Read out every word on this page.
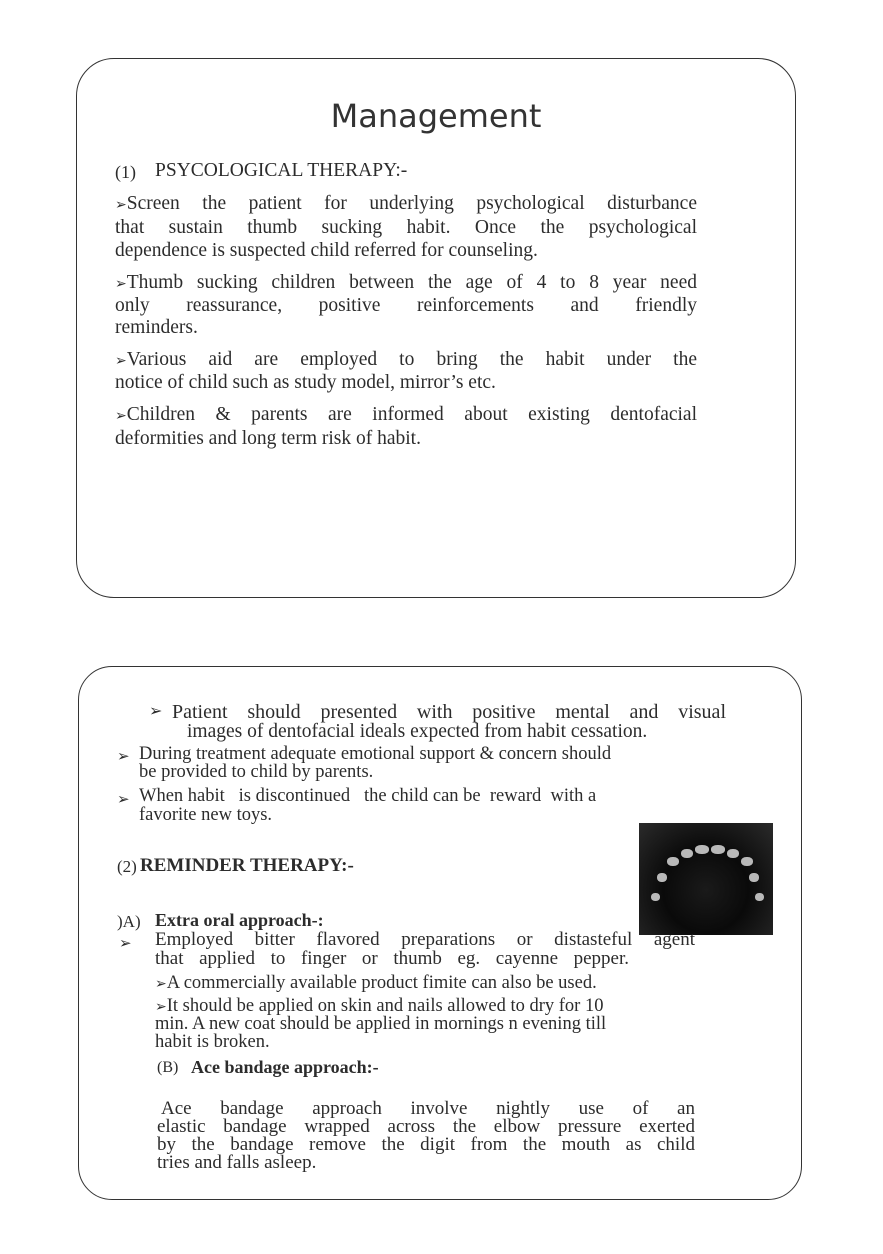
Management
(1) PSYCOLOGICAL THERAPY:-
➢Screen the patient for underlying psychological disturbance
that sustain thumb sucking habit. Once the psychological
dependence is suspected child referred for counseling.
➢Thumb sucking children between the age of 4 to 8 year need
only reassurance, positive reinforcements and friendly
reminders.
➢Various aid are employed to bring the habit under the
notice of child such as study model, mirror’s etc.
➢Children & parents are informed about existing dentofacial
deformities and long term risk of habit.
➢ Patient should presented with positive mental and visual
images of dentofacial ideals expected from habit cessation.
➢ During treatment adequate emotional support & concern should
be provided to child by parents.
➢ When habit   is discontinued   the child can be  reward  with a
favorite new toys.
(2) REMINDER THERAPY:-
)A) Extra oral approach-:
➢ Employed bitter flavored preparations or distasteful agent
that applied to finger or thumb eg. cayenne pepper.
➢A commercially available product fimite can also be used.
➢It should be applied on skin and nails allowed to dry for 10
min. A new coat should be applied in mornings n evening till
habit is broken.
(B) Ace bandage approach:-
Ace bandage approach involve nightly use of an
elastic bandage wrapped across the elbow pressure exerted
by the bandage remove the digit from the mouth as child
tries and falls asleep.
